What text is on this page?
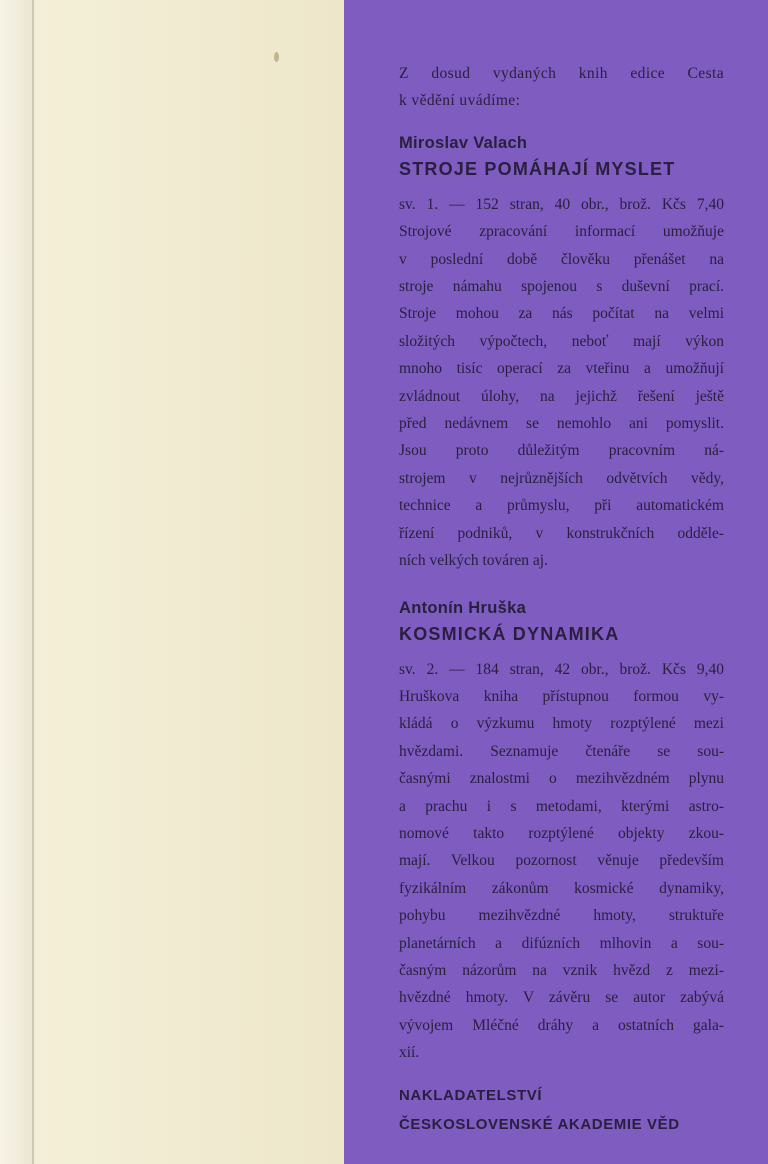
Z dosud vydaných knih edice Cesta
k vědění uvádíme:

Miroslav Valach

STROJE POMÁHAJÍ MYSLET

sv. 1. — 152 stran, 40 obr., brož. Kčs 7,40

Strojové zpracování informací umožňuje
v poslední době člověku přenášet na
stroje námahu spojenou s duševní prací.
Stroje mohou za nás počítat na velmi
složitých výpočtech, neboť mají výkon
mnoho tisíc operací za vteřinu a umožňují
zvládnout úlohy, na jejichž řešení ještě
před nedávnem se nemohlo ani pomyslit.
Jsou proto důležitým pracovním ná-
strojem v nejrůznějších odvětvích vědy,
technice a průmyslu, při automatickém
řízení podniků, v konstrukčních odděle-
ních velkých továren aj.

Antonín Hruška

KOSMICKÁ DYNAMIKA

sv. 2. — 184 stran, 42 obr., brož. Kčs 9,40

Hruškova kniha přístupnou formou vy-
kládá o výzkumu hmoty rozptýlené mezi
hvězdami. Seznamuje čtenáře se sou-
časnými znalostmi o mezihvězdném plynu
a prachu i s metodami, kterými astro-
nomové takto rozptýlené objekty zkou-
mají. Velkou pozornost věnuje především
fyzikálním zákonům kosmické dynamiky,
pohybu mezihvězdné hmoty, struktuře
planetárních a difúzních mlhovin a sou-
časným názorům na vznik hvězd z mezi-
hvězdné hmoty. V závěru se autor zabývá
vývojem Mléčné dráhy a ostatních gala-
xií.

NAKLADATELSTVÍ

ČESKOSLOVENSKÉ AKADEMIE VĚD
